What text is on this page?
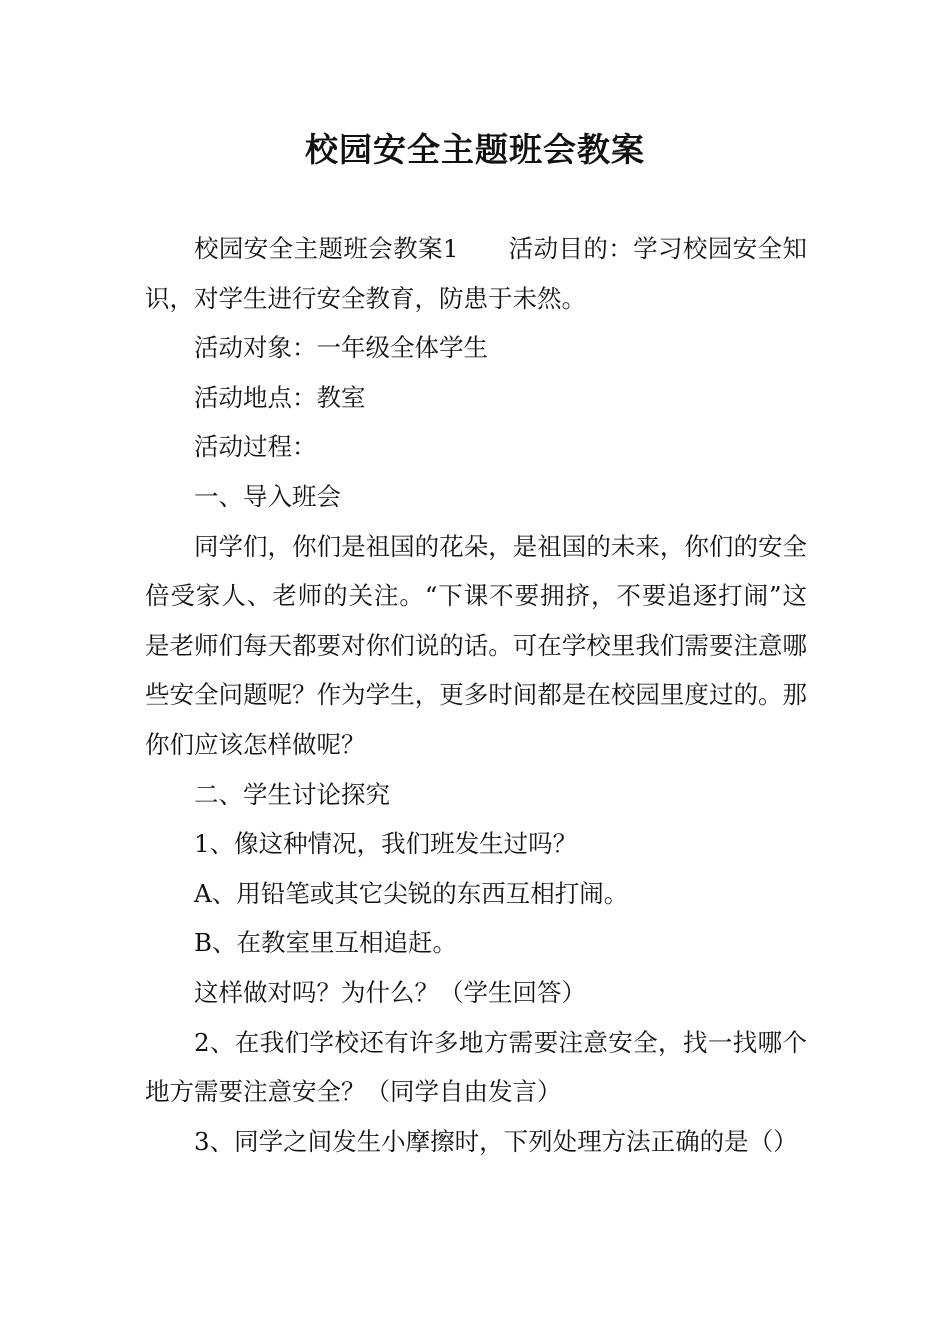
校园安全主题班会教案

校园安全主题班会教案1　　活动目的：学习校园安全知识，对学生进行安全教育，防患于未然。

活动对象：一年级全体学生

活动地点：教室

活动过程：

一、导入班会

同学们，你们是祖国的花朵，是祖国的未来，你们的安全倍受家人、老师的关注。“下课不要拥挤，不要追逐打闹”这是老师们每天都要对你们说的话。可在学校里我们需要注意哪些安全问题呢？作为学生，更多时间都是在校园里度过的。那你们应该怎样做呢？

二、学生讨论探究

1、像这种情况，我们班发生过吗？

A、用铅笔或其它尖锐的东西互相打闹。

B、在教室里互相追赶。

这样做对吗？为什么？（学生回答）

2、在我们学校还有许多地方需要注意安全，找一找哪个地方需要注意安全？（同学自由发言）

3、同学之间发生小摩擦时，下列处理方法正确的是（）
